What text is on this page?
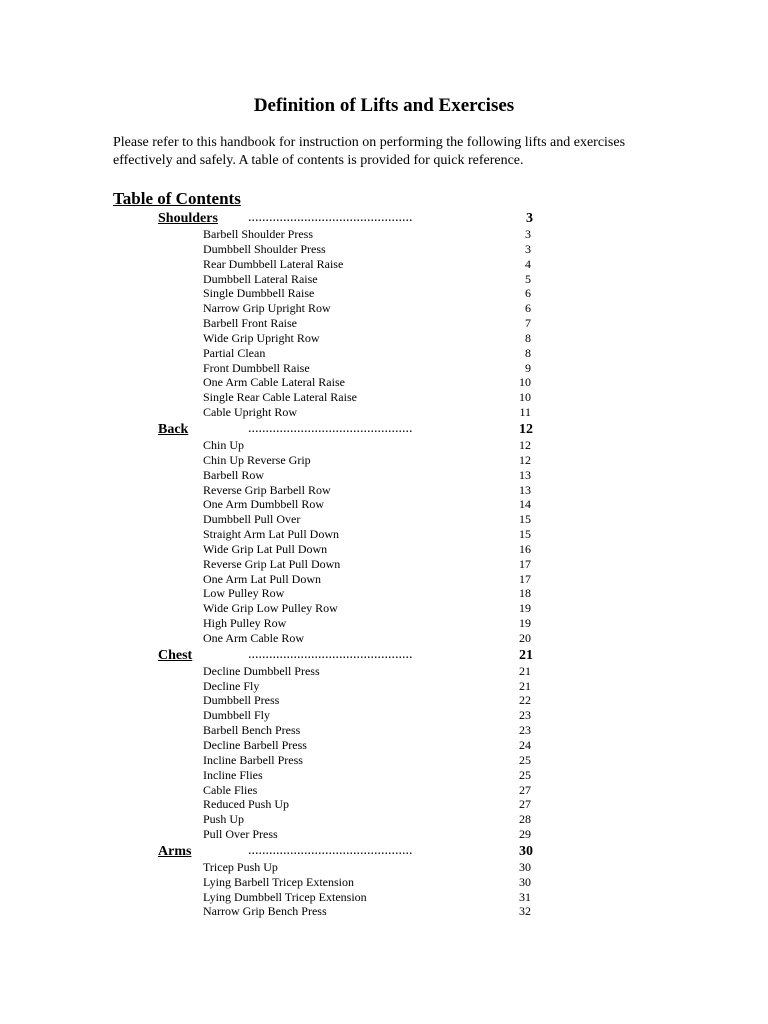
Definition of Lifts and Exercises

Please refer to this handbook for instruction on performing the following lifts and exercises effectively and safely. A table of contents is provided for quick reference.

Table of Contents
Shoulders ...............................................	3
Barbell Shoulder Press	3
Dumbbell Shoulder Press	3
Rear Dumbbell Lateral Raise	4
Dumbbell Lateral Raise	5
Single Dumbbell Raise	6
Narrow Grip Upright Row	6
Barbell Front Raise	7
Wide Grip Upright Row	8
Partial Clean	8
Front Dumbbell Raise	9
One Arm Cable Lateral Raise	10
Single Rear Cable Lateral Raise	10
Cable Upright Row	11
Back	...............................................	12
Chin Up	12
Chin Up Reverse Grip	12
Barbell Row	13
Reverse Grip Barbell Row	13
One Arm Dumbbell Row	14
Dumbbell Pull Over	15
Straight Arm Lat Pull Down	15
Wide Grip Lat Pull Down	16
Reverse Grip Lat Pull Down	17
One Arm Lat Pull Down	17
Low Pulley Row	18
Wide Grip Low Pulley Row	19
High Pulley Row	19
One Arm Cable Row	20
Chest	...............................................	21
Decline Dumbbell Press	21
Decline Fly	21
Dumbbell Press	22
Dumbbell Fly	23
Barbell Bench Press	23
Decline Barbell Press	24
Incline Barbell Press	25
Incline Flies	25
Cable Flies	27
Reduced Push Up	27
Push Up	28
Pull Over Press	29
Arms	...............................................	30
Tricep Push Up	30
Lying Barbell Tricep Extension	30
Lying Dumbbell Tricep Extension	31
Narrow Grip Bench Press	32
